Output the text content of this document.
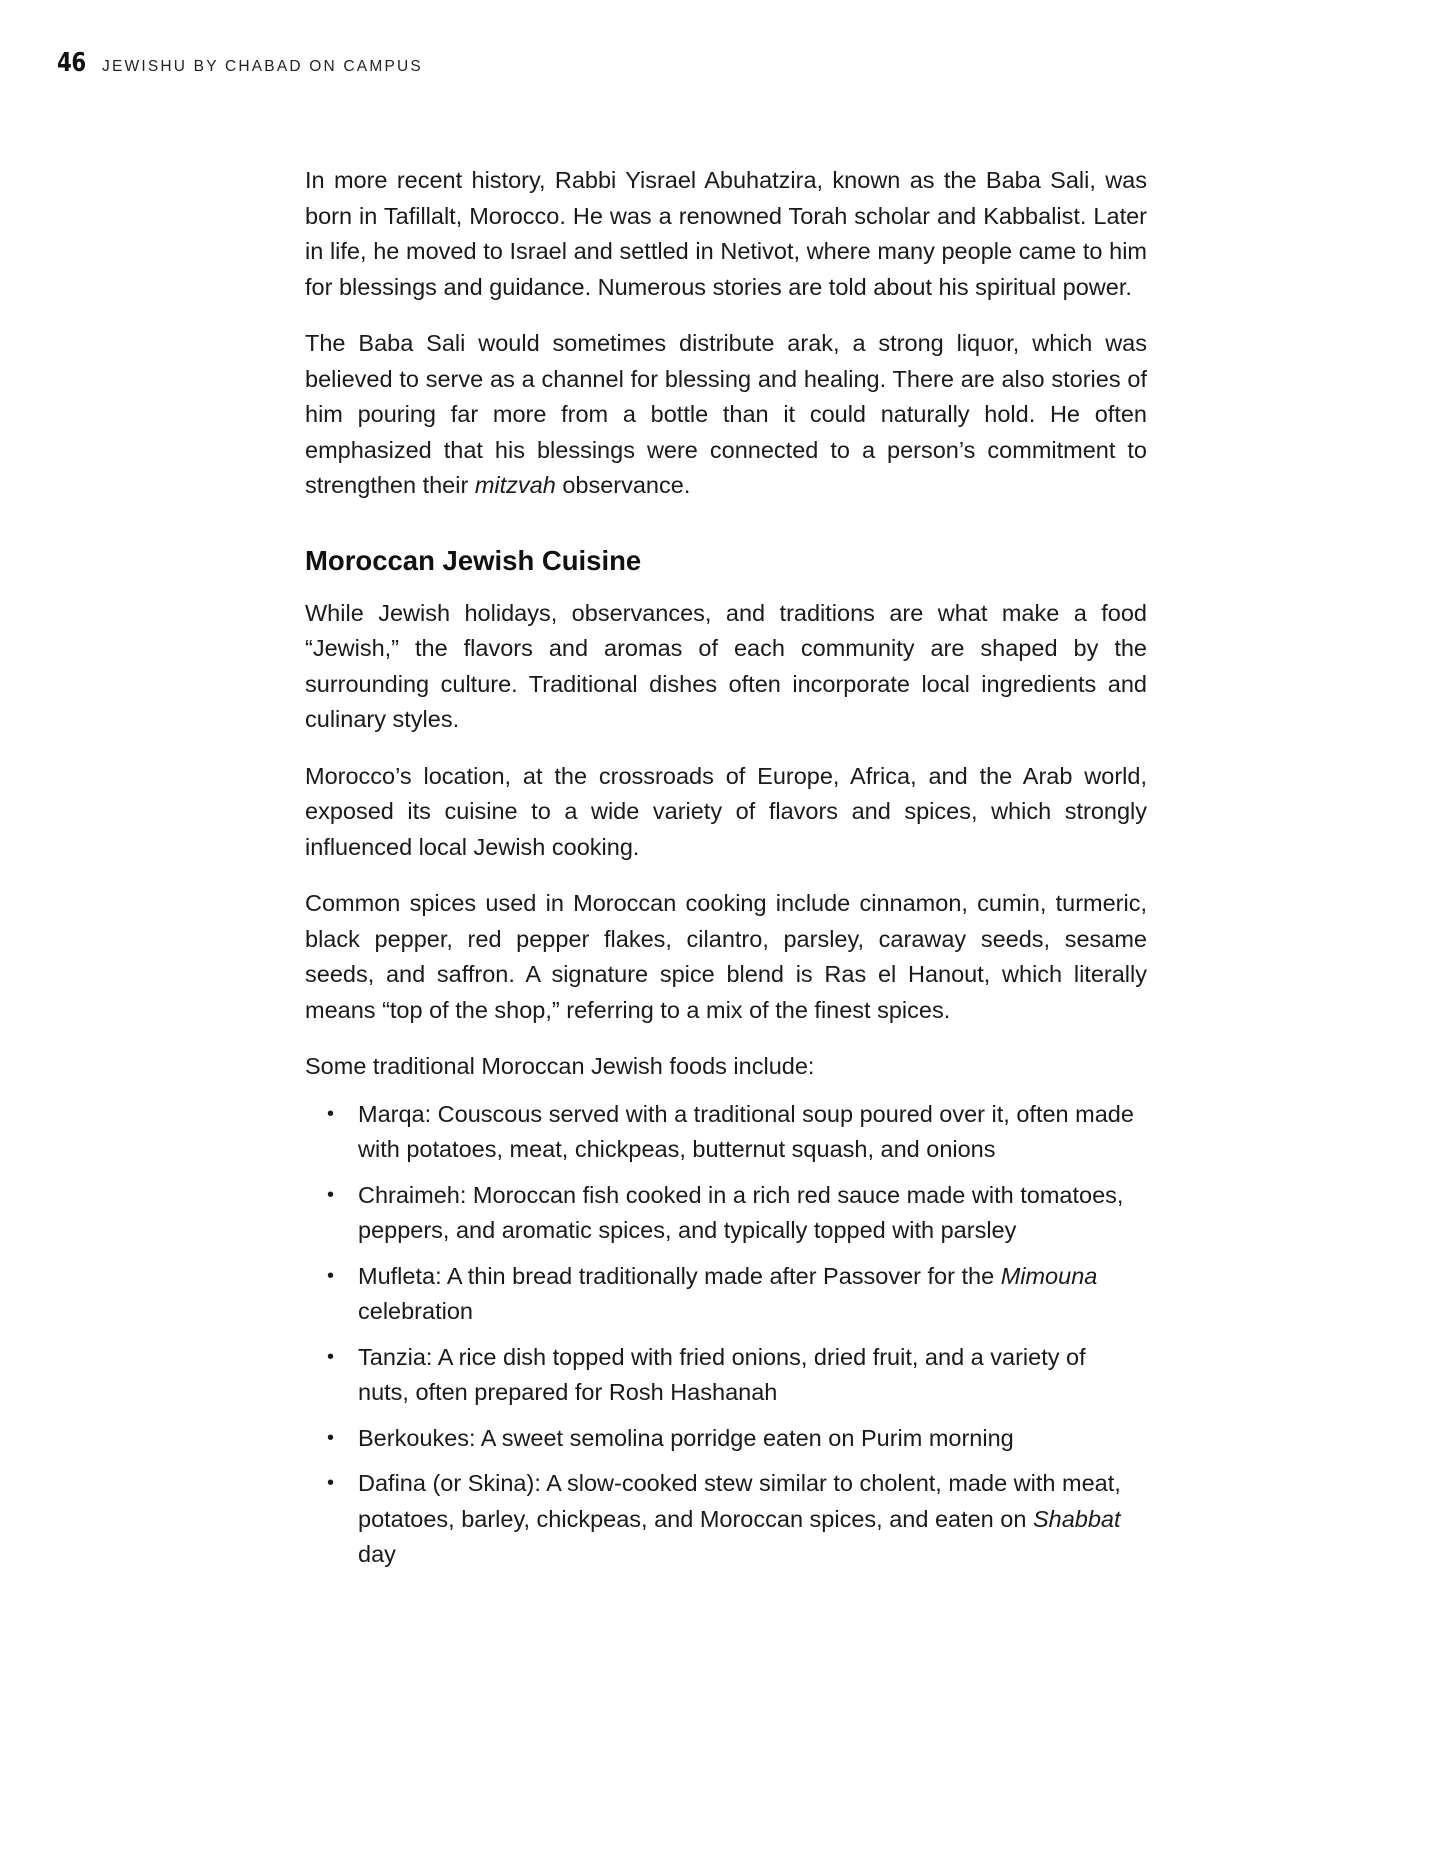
46	JEWISHU BY CHABAD ON CAMPUS

In more recent history, Rabbi Yisrael Abuhatzira, known as the Baba Sali, was born in Tafillalt, Morocco. He was a renowned Torah scholar and Kabbalist. Later in life, he moved to Israel and settled in Netivot, where many people came to him for blessings and guidance. Numerous stories are told about his spiritual power.

The Baba Sali would sometimes distribute arak, a strong liquor, which was believed to serve as a channel for blessing and healing. There are also stories of him pouring far more from a bottle than it could naturally hold. He often emphasized that his blessings were connected to a person’s commitment to strengthen their mitzvah observance.

Moroccan Jewish Cuisine

While Jewish holidays, observances, and traditions are what make a food “Jewish,” the flavors and aromas of each community are shaped by the surrounding culture. Traditional dishes often incorporate local ingredients and culinary styles.

Morocco’s location, at the crossroads of Europe, Africa, and the Arab world, exposed its cuisine to a wide variety of flavors and spices, which strongly influenced local Jewish cooking.

Common spices used in Moroccan cooking include cinnamon, cumin, turmeric, black pepper, red pepper flakes, cilantro, parsley, caraway seeds, sesame seeds, and saffron. A signature spice blend is Ras el Hanout, which literally means “top of the shop,” referring to a mix of the finest spices.

Some traditional Moroccan Jewish foods include:

• Marqa: Couscous served with a traditional soup poured over it, often made with potatoes, meat, chickpeas, butternut squash, and onions
• Chraimeh: Moroccan fish cooked in a rich red sauce made with tomatoes, peppers, and aromatic spices, and typically topped with parsley
• Mufleta: A thin bread traditionally made after Passover for the Mimouna celebration
• Tanzia: A rice dish topped with fried onions, dried fruit, and a variety of nuts, often prepared for Rosh Hashanah
• Berkoukes: A sweet semolina porridge eaten on Purim morning
• Dafina (or Skina): A slow-cooked stew similar to cholent, made with meat, potatoes, barley, chickpeas, and Moroccan spices, and eaten on Shabbat day
